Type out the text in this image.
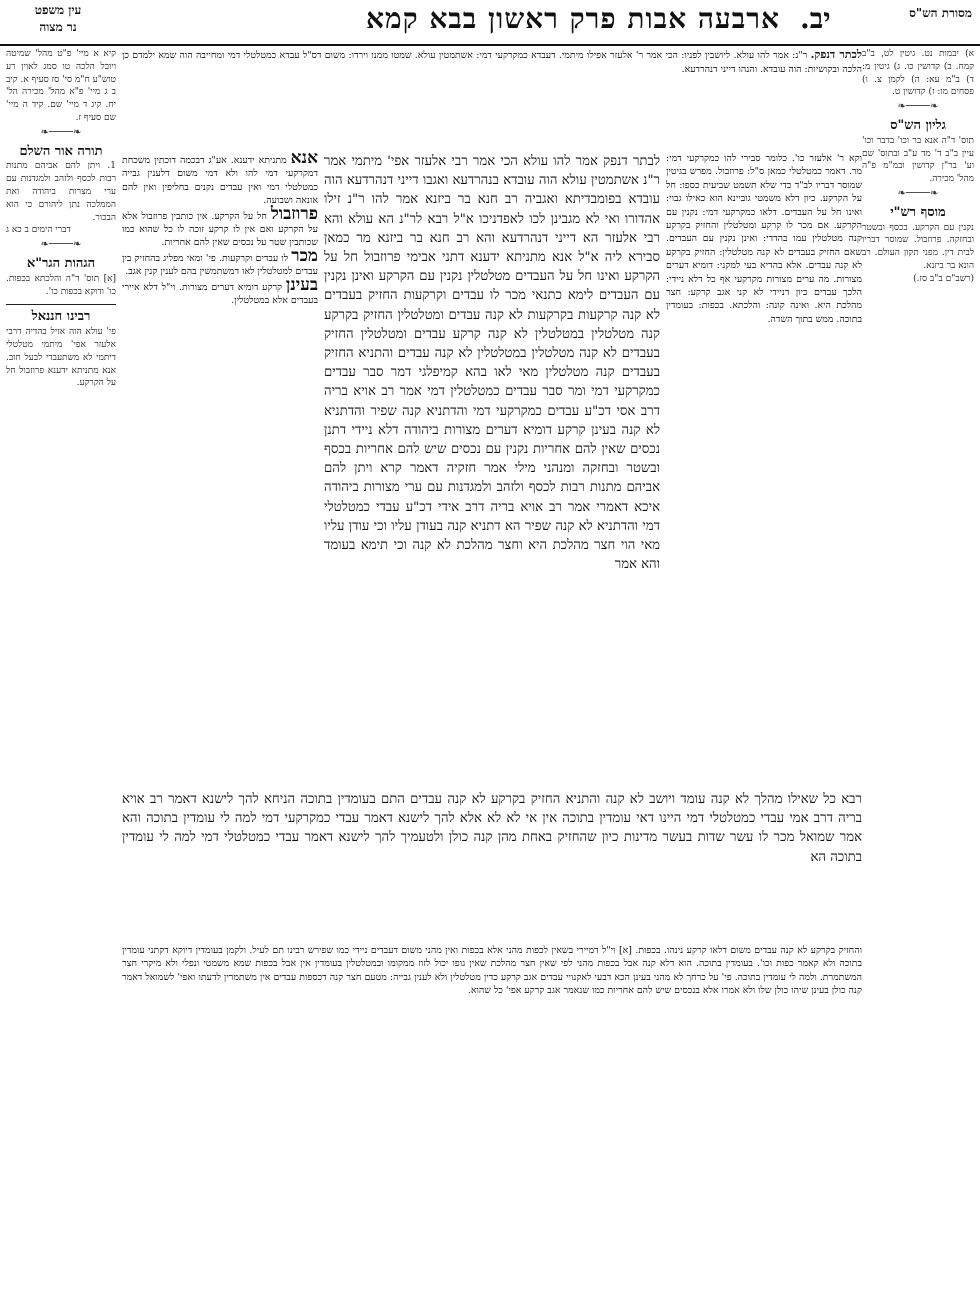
מסורת הש"ס
ארבעה אבות פרק ראשון בבא קמא יב.
עין משפט
נר מצוה
א) יבמות נט. גיטין לט, ב"ב קמח. ב) קדושין כו. ג) גיטין מ: ד) ב"מ עא: ה) לקמן צ. ו) פסחים מו: ז) קדושין ט.
❧────❧
גליון הש"ס
תוס' ד"ה אנא בר וכו' בדבר וכו' עיין ב"ב ד' מד ע"ב ובתוס' שם וע' בר"ן קדושין ובמ"מ פ"ה מהל' מכירה.
❧────❧
מוסף רש"י
נקנין עם הקרקע. בכסף ובשטר ובחזקה. פרוזבול. שמוסר דבריו לבית דין. מפני תקון העולם. רב הונא בר ביזנא.
(רשב"ם ב"ב סז.)
קיא א מיי' פ"ט מהל' שמיטה ויובל הלכה טו סמג לאוין רע טוש"ע ח"מ סי' סז סעיף א. קיב ב ג מיי' פ"א מהל' מכירה הל' יח. קיג ד מיי' שם. קיד ה מיי' שם סעיף ז.
❧────❧
תורה אור השלם
1. ויתן להם אביהם מתנות רבות לכסף ולזהב ולמגדנות עם ערי מצרות ביהודה ואת הממלכה נתן ליהורם כי הוא הבכור.
דברי הימים ב כא ג
❧────❧
הגהות הגר"א
[א] תוס' ד"ה והלכתא בכפות. כו' ודוקא בכפות כו'.
רבינו חננאל
פי' עולא הוה אזיל בהדיה דרבי אלעזר אפי' מיתמי מטלטלי דיתמי לא משתעבדי לבעל חוב. אנא מתניתא ידענא פרוזבול חל על הקרקע.
לכתר דנפק. ר"נ: אמר להו עולא. ליושבין לפניו: הכי אמר ר' אלעזר אפילו מיתמי. דעבדא כמקרקעי דמי: אשתמטין עולא. שמטו ממנו וירדו: משום דס"ל עבדא כמטלטלי דמי ומחייבה הוה שמא ילמדם כן הלכה ובקושיות: הוה עובדא. והנהו דייני דנהרדעא.
וקא ר' אלעזר כו'. כלומר סבירי להו כמקרקעי דמי: מר. דאמר כמטלטלי כמאן ס"ל: פרוזבול. מפרש בגיטין שמוסר דבריו לב"ד כדי שלא תשמט שביעית כספו: חל על הקרקע. כיון דלא משמטי גוביינא הוא כאילו גבוי: ואינו חל על העבדים. דלאו כמקרקעי דמי: נקנין עם הקרקע. אם מכר לו קרקע ומטלטלין והחזיק בקרקע קנה מטלטלין עמו בהדדי: ואינן נקנין עם העבדים. שאם החזיק בעבדים לא קנה מטלטלין: החזיק בקרקע לא קנה עבדים. אלא בהדיא בעי למקני: דומיא דערים מצורות. מה ערים מצורות מקרקעי אף כל דלא ניידי: הלכך עבדים כיון דניידי לא קני אגב קרקע: חצר מהלכת היא. ואינה קונה: והלכתא. בכפות: בעומדין בתוכה. ממש בתוך השדה.
לבתר דנפק אמר להו עולא הכי אמר רבי אלעזר אפי' מיתמי אמר ר"נ אשתמטין עולא הוה עובדא בנהרדעא ואגבו דייני דנהרדעא הוה עובדא בפומבדיתא ואגביה רב חנא בר ביזנא אמר להו ר"נ זילו אהדורו ואי לא מגבינן לכו לאפדניכו א"ל רבא לר"נ הא עולא והא רבי אלעזר הא דייני דנהרדעא והא רב חנא בר ביזנא מר כמאן סבירא ליה א"ל אנא מתניתא ידענא דתני אבימי פרוזבול חל על הקרקע ואינו חל על העבדים מטלטלין נקנין עם הקרקע ואינן נקנין עם העבדים לימא כתנאי מכר לו עבדים וקרקעות החזיק בעבדים לא קנה קרקעות בקרקעות לא קנה עבדים ומטלטלין החזיק בקרקע קנה מטלטלין במטלטלין לא קנה קרקע עבדים ומטלטלין החזיק בעבדים לא קנה מטלטלין במטלטלין לא קנה עבדים והתניא החזיק בעבדים קנה מטלטלין מאי לאו בהא קמיפלגי דמר סבר עבדים כמקרקעי דמי ומר סבר עבדים כמטלטלין דמי אמר רב אויא בריה דרב אסי דכ"ע עבדים כמקרקעי דמי והדתניא קנה שפיר והדתניא לא קנה בעינן קרקע דומיא דערים מצורות ביהודה דלא ניידי דתנן נכסים שאין להם אחריות נקנין עם נכסים שיש להם אחריות בכסף ובשטר ובחזקה ומנהני מילי אמר חזקיה דאמר קרא ויתן להם אביהם מתנות רבות לכסף ולזהב ולמגדנות עם ערי מצורות ביהודה איכא דאמרי אמר רב אויא בריה דרב אידי דכ"ע עבדי כמטלטלי דמי והדתניא לא קנה שפיר הא דתניא קנה בעודן עליו וכי עודן עליו מאי הוי חצר מהלכת היא וחצר מהלכת לא קנה וכי תימא בעומד והא אמר
אנא מתניתא ידענא. אע"ג דבכמה דוכתין משכחת דמקרקעי דמי להו ולא דמי משום דלענין גבייה כמטלטלי דמי ואין עבדים נקנים בחליפין ואין להם אונאה ושבועה.
פרוזבול חל על הקרקע. אין כותבין פרוזבול אלא על הקרקע ואם אין לו קרקע זוכה לו כל שהוא כמו שכותבין שטר על נכסים שאין להם אחריות.
מכר לו עבדים וקרקעות. פי' ומאי מפליג בהחזיק בין עבדים למטלטלין לאו דמשתמשין בהם לענין קנין אגב.
בעינן קרקע דומיא דערים מצורות. וי"ל דלא איירי בעבדים אלא במטלטלין.
רבא כל שאילו מהלך לא קנה עומד ויושב לא קנה והתניא החזיק בקרקע לא קנה עבדים התם בעומדין בתוכה הניחא להך לישנא דאמר רב אויא בריה דרב אמי עבדי כמטלטלי דמי היינו דאי עומדין בתוכה אין אי לא לא אלא להך לישנא דאמר עבדי כמקרקעי דמי למה לי עומדין בתוכה והא אמר שמואל מכר לו עשר שדות בעשר מדינות כיון שהחזיק באחת מהן קנה כולן ולטעמיך להך לישנא דאמר עבדי כמטלטלי דמי למה לי עומדין בתוכה הא
והחזיק בקרקע לא קנה עבדים משום דלאו קרקע נינהו. בכפות. [א] וי"ל דמיירי בשאין לכפות מהני אלא בכפות ואין מהני משום דעבדים ניידי כמו שפירש רבינו תם לעיל. ולקמן בעומדין דיוקא דקתני עומדין בתוכה ולא קאמר כפות וכו'. בעומדין בתוכה. הוא דלא קנה אבל בכפות מהני לפי שאין חצר מהלכת שאין גופו יכול לזוז ממקומו ובמטלטלין בעומדין אין אבל בכפות שמא משמטי ונפלי ולא מיקרי חצר המשתמרת. ולמה לי עומדין בתוכה. פי' על כרחך לא מהני בעינן הכא דבעי לאקנויי עבדים אגב קרקע כדין מטלטלין ולא לענין גבייה: מטעם חצר קנה דכספות עבדים אין משתמרין לדעתו ואפי' לשמואל דאמר קנה כולן בעינן שיהו כולן שלו ולא אמרו אלא בנכסים שיש להם אחריות כמו שנאמר אגב קרקע אפי' כל שהוא.
